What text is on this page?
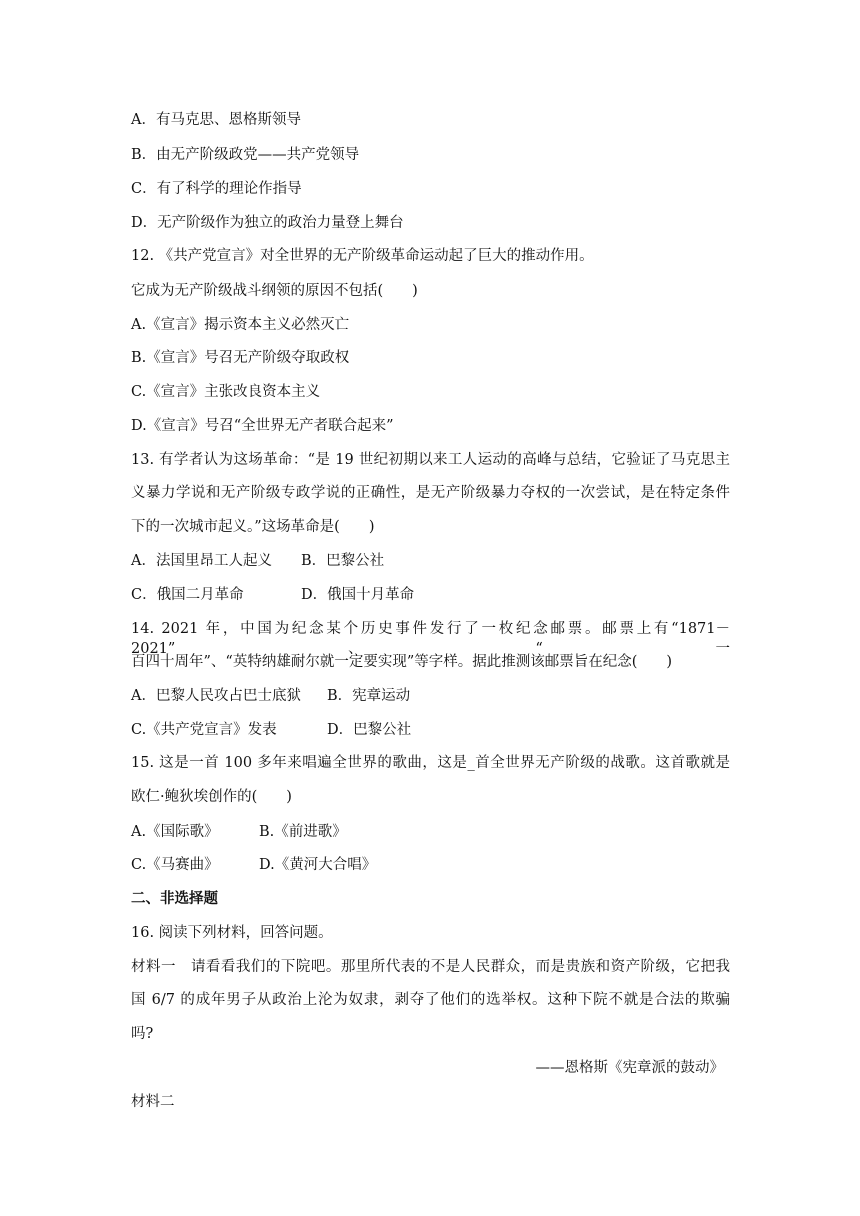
A．有马克思、恩格斯领导

B．由无产阶级政党——共产党领导

C．有了科学的理论作指导

D．无产阶级作为独立的政治力量登上舞台

12. 《共产党宣言》对全世界的无产阶级革命运动起了巨大的推动作用。

它成为无产阶级战斗纲领的原因不包括(　　)

A.《宣言》揭示资本主义必然灭亡

B.《宣言》号召无产阶级夺取政权

C.《宣言》主张改良资本主义

D.《宣言》号召“全世界无产者联合起来”

13. 有学者认为这场革命：“是 19 世纪初期以来工人运动的高峰与总结，它验证了马克思主

义暴力学说和无产阶级专政学说的正确性，是无产阶级暴力夺权的一次尝试，是在特定条件

下的一次城市起义。”这场革命是(　　)

A．法国里昂工人起义 B．巴黎公社

C．俄国二月革命	D．俄国十月革命

14. 2021 年，中国为纪念某个历史事件发行了一枚纪念邮票。邮票上有“1871－2021”、“一

百四十周年”、“英特纳雄耐尔就一定要实现”等字样。据此推测该邮票旨在纪念(　　)

A．巴黎人民攻占巴士底狱 B．宪章运动

C.《共产党宣言》发表	D．巴黎公社

15. 这是一首 100 多年来唱遍全世界的歌曲，这是_首全世界无产阶级的战歌。这首歌就是

欧仁·鲍狄埃创作的(　　)

A.《国际歌》	B.《前进歌》

C.《马赛曲》	D.《黄河大合唱》

二、非选择题

16. 阅读下列材料，回答问题。

材料一　请看看我们的下院吧。那里所代表的不是人民群众，而是贵族和资产阶级，它把我

国 6/7 的成年男子从政治上沦为奴隶，剥夺了他们的选举权。这种下院不就是合法的欺骗

吗?

——恩格斯《宪章派的鼓动》

材料二
